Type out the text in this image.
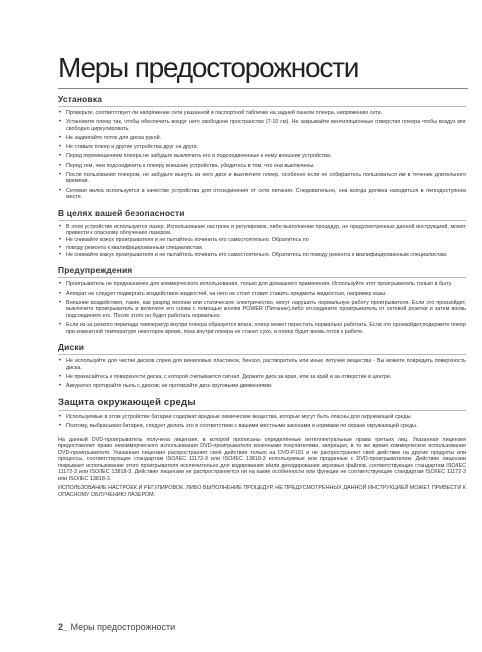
Меры предосторожности
Установка
• Проверьте, соответствует ли напряжение сети указанной в паспортной табличке на задней панели плеера, напряжению сети.
• Установите плеер так, чтобы обеспечить вокруг него свободное пространство (7-10 см). Не закрывайте вентиляционные отверстия плеера чтобы воздух мог свободно циркулировать.
• Не задвигайте лоток для диска рукой.
• Не ставьте плеер и другие устройства друг на друга.
• Перед перемещением плеера не забудьте выключить его и подсоединенные к нему внешние устройства.
• Перед тем, чем подсоединить к плееру внешние устройства, убедитесь в том, что они выключены.
• После пользования плеером, не забудьте вынуть из него диск и выключите плеер, особенно если не собираетесь пользоваться им в течение длительного времени.
• Сетевая вилка используется в качестве устройства для отсоединения от сети питания. Следовательно, она всегда должна находиться в легкодоступном месте.
В целях вашей безопасности
• В этом устройстве используется лазер. Использование настроек и регулировок, либо выполнение процедур, не предусмотренных данной инструкцией, может привести к опасному облучению лазером.
• Не снимайте кожух проигрывателя и не пытайтесь починить его самостоятельно. Обратитесь по
• поводу ремонта к квалифицированным специалистам.
• Не снимайте кожух проигрывателя и не пытайтесь починить его самостоятельно. Обратитесь по поводу ремонта к квалифицированным специалистам.
Предупреждения
• Проигрыватель не предназначен для коммерческого использования, только для домашнего применения. Используйте этот проигрыватель только в быту.
• Аппарат не следует подвергать воздействию жидкостей, на него не стоит ставит ставить предметы жидкостью, например вазы.
• Внешние воздействия, такие, как разряд молнии или статическое электричество, могут нарушить нормальную работу проигрывателя. Если это произойдет, выключите проигрыватель и включите его снова с помощью кнопки POWER (Питание),либо отсоедините проигрыватель от сетевой розетки и затем вновь подсоедините его. После этого он будет работать нормально.
• Если из-за резкого перепада температур внутри плеера образуется влага, плеер может перестать нормально работать. Если это произойдет,подержите плеер при комнатной температуре некоторое время, пока внутри плеера не станет сухо, и плеер будет вновь готов к работе.
Диски
• Не используйте для чистки дисков спреи для виниловых пластинок, бензол, растворитель или иные летучие вещества - Вы можете повредить поверхность диска.
• Не прикасайтесь к поверхности диска, с которой считывается сигнал. Держите диск за края, или за край и за отверстие в центре.
• Аккуратно протирайте пыль с дисков; не протирайте диск круговыми движениями.
Защита окружающей среды
• Используемые в этом устройстве батареи содержат вредные химические вещества, которые могут быть опасны для окружающей среды.
• Поэтому, выбрасывая батареи, следует делать это в соответствии с вашими местными законами и нормами по охране окружающей среды.

На данный DVD-проигрыватель получена лицензия, в которой прописаны определённые интеллектуальные права третьих лиц. Указанная лицензия предоставляет право некоммерческого использования DVD-проигрывателя конечными покупателями, запрещая, в то же время коммерческое использование DVD-проигрывателя. Указанная лицензия распространяет своё действие только на DVD-P191 и не распространяет своё действие на другие продукты или процессы, соответствующие стандартам ISO/IEC 11172-3 или ISO/IEC 13818-3 используемые или проданные с DVD-проигрывателем. Действие лицензии покрывает использование этого проигрывателя исключительно для кодирования и/или декодирования звуковых файлов, соответствующих стандартам ISO/IEC 11172-3 или ISO/IEC 13818-3. Действие лицензии не распространяется ни на какие особенности или функции не соответствующие стандартам ISO/IEC 11172-3 или ISO/IEC 13818-3.

ИСПОЛЬЗОВАНИЕ НАСТРОЕК И РЕГУЛИРОВОК, ЛИБО ВЫПОЛНЕНИЕ ПРОЦЕДУР, НЕ ПРЕДУСМОТРЕННЫХ ДАННОЙ ИНСТРУКЦИЕЙ МОЖЕТ ПРИВЕСТИ К ОПАСНОМУ ОБЛУЧЕНИЮ ЛАЗЕРОМ.

2_ Меры предосторожности
